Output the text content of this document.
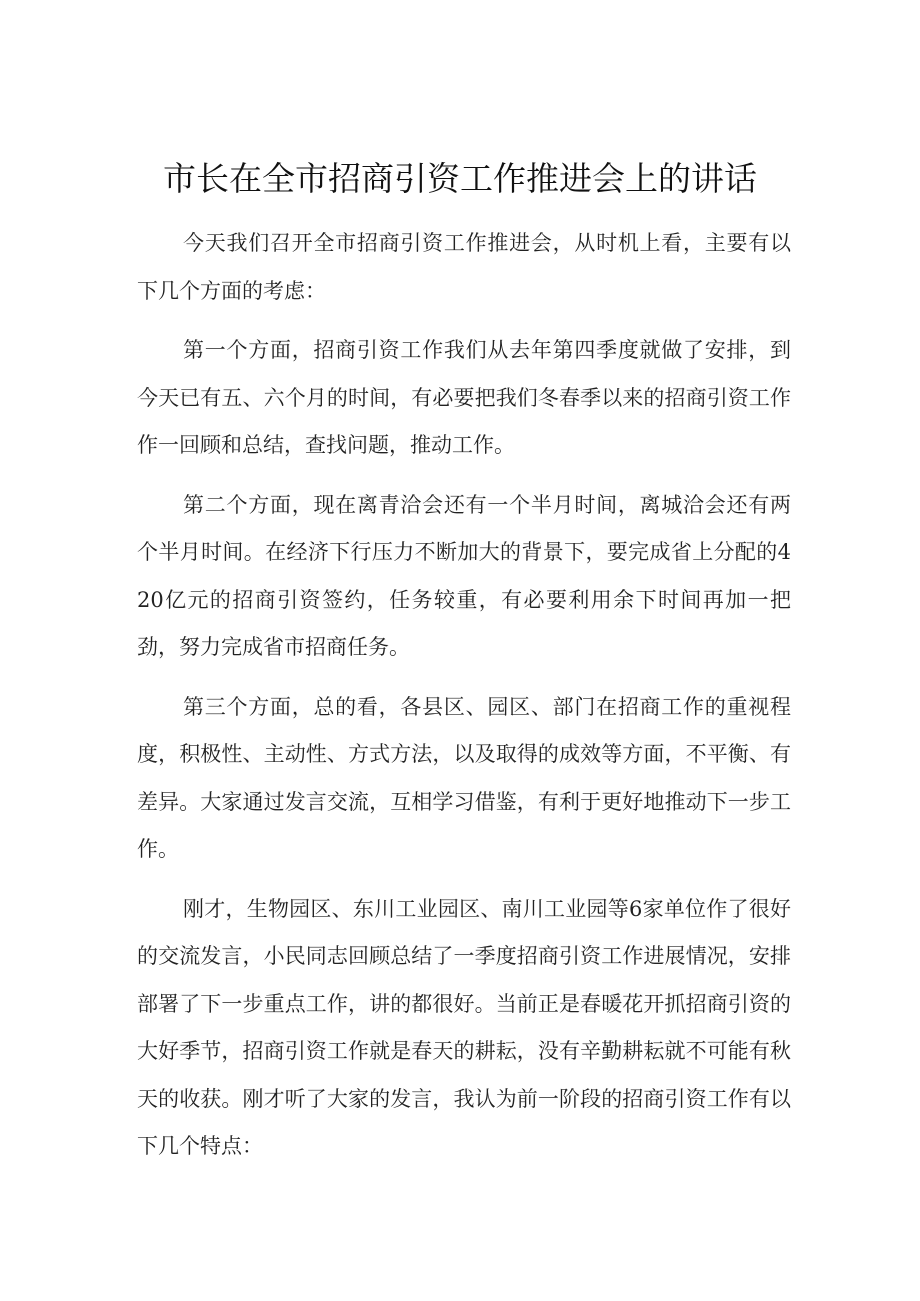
市长在全市招商引资工作推进会上的讲话

今天我们召开全市招商引资工作推进会，从时机上看，主要有以下几个方面的考虑：

第一个方面，招商引资工作我们从去年第四季度就做了安排，到今天已有五、六个月的时间，有必要把我们冬春季以来的招商引资工作作一回顾和总结，查找问题，推动工作。

第二个方面，现在离青洽会还有一个半月时间，离城洽会还有两个半月时间。在经济下行压力不断加大的背景下，要完成省上分配的420亿元的招商引资签约，任务较重，有必要利用余下时间再加一把劲，努力完成省市招商任务。

第三个方面，总的看，各县区、园区、部门在招商工作的重视程度，积极性、主动性、方式方法，以及取得的成效等方面，不平衡、有差异。大家通过发言交流，互相学习借鉴，有利于更好地推动下一步工作。

刚才，生物园区、东川工业园区、南川工业园等6家单位作了很好的交流发言，小民同志回顾总结了一季度招商引资工作进展情况，安排部署了下一步重点工作，讲的都很好。当前正是春暖花开抓招商引资的大好季节，招商引资工作就是春天的耕耘，没有辛勤耕耘就不可能有秋天的收获。刚才听了大家的发言，我认为前一阶段的招商引资工作有以下几个特点：
